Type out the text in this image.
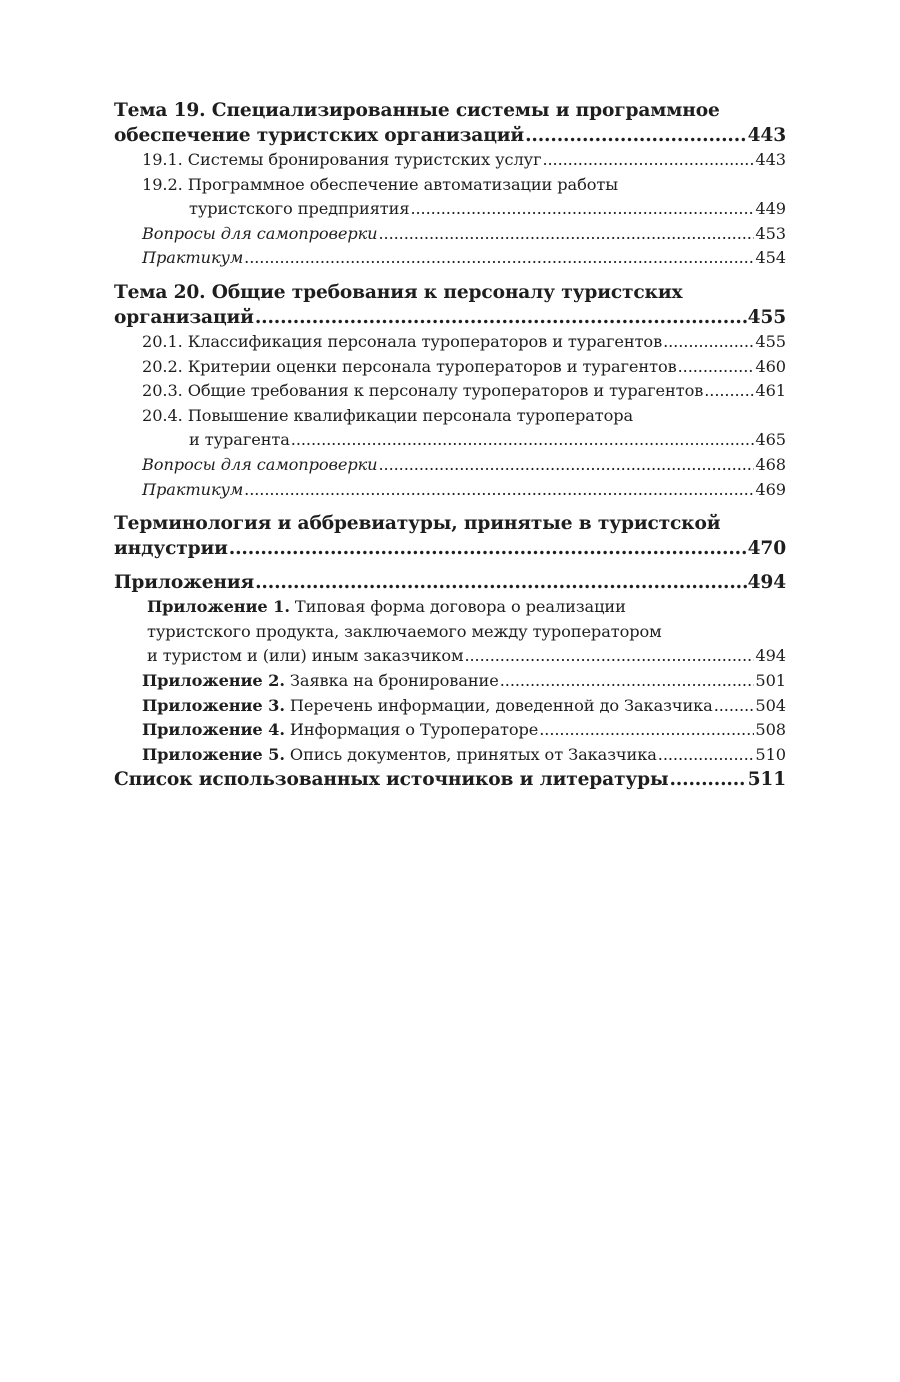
Тема 19. Специализированные системы и программное
обеспечение туристских организаций .....	443
19.1. Системы бронирования туристских услуг .....	443
19.2. Программное обеспечение автоматизации работы
туристского предприятия .....	449
Вопросы для самопроверки .....	453
Практикум .....	454
Тема 20. Общие требования к персоналу туристских
организаций .....	455
20.1. Классификация персонала туроператоров и турагентов .....	455
20.2. Критерии оценки персонала туроператоров и турагентов .....	460
20.3. Общие требования к персоналу туроператоров и турагентов .....	461
20.4. Повышение квалификации персонала туроператора
и турагента .....	465
Вопросы для самопроверки .....	468
Практикум .....	469
Терминология и аббревиатуры, принятые в туристской
индустрии .....	470
Приложения .....	494
Приложение 1. Типовая форма договора о реализации
туристского продукта, заключаемого между туроператором
и туристом и (или) иным заказчиком .....	494
Приложение 2. Заявка на бронирование .....	501
Приложение 3. Перечень информации, доведенной до Заказчика .....	504
Приложение 4. Информация о Туроператоре .....	508
Приложение 5. Опись документов, принятых от Заказчика .....	510
Список использованных источников и литературы .....	511
